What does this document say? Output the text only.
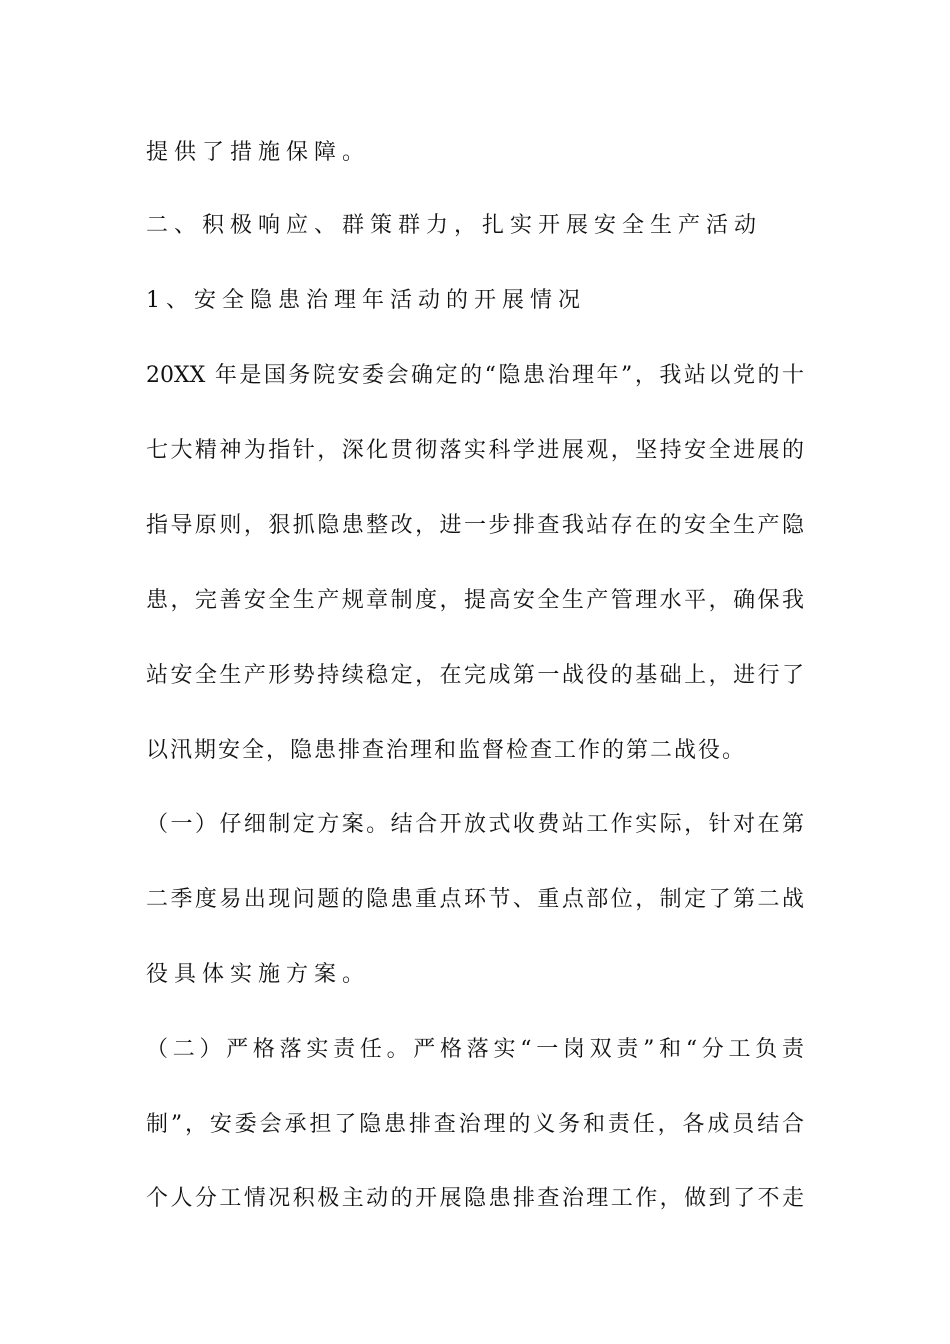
提供了措施保障。
二、积极响应、群策群力，扎实开展安全生产活动
1、安全隐患治理年活动的开展情况
20XX 年是国务院安委会确定的“隐患治理年”，我站以党的十
七大精神为指针，深化贯彻落实科学进展观，坚持安全进展的
指导原则，狠抓隐患整改，进一步排查我站存在的安全生产隐
患，完善安全生产规章制度，提高安全生产管理水平，确保我
站安全生产形势持续稳定，在完成第一战役的基础上，进行了
以汛期安全，隐患排查治理和监督检查工作的第二战役。
（一）仔细制定方案。结合开放式收费站工作实际，针对在第
二季度易出现问题的隐患重点环节、重点部位，制定了第二战
役具体实施方案。
（二）严格落实责任。严格落实“一岗双责”和“分工负责
制”，安委会承担了隐患排查治理的义务和责任，各成员结合
个人分工情况积极主动的开展隐患排查治理工作，做到了不走
